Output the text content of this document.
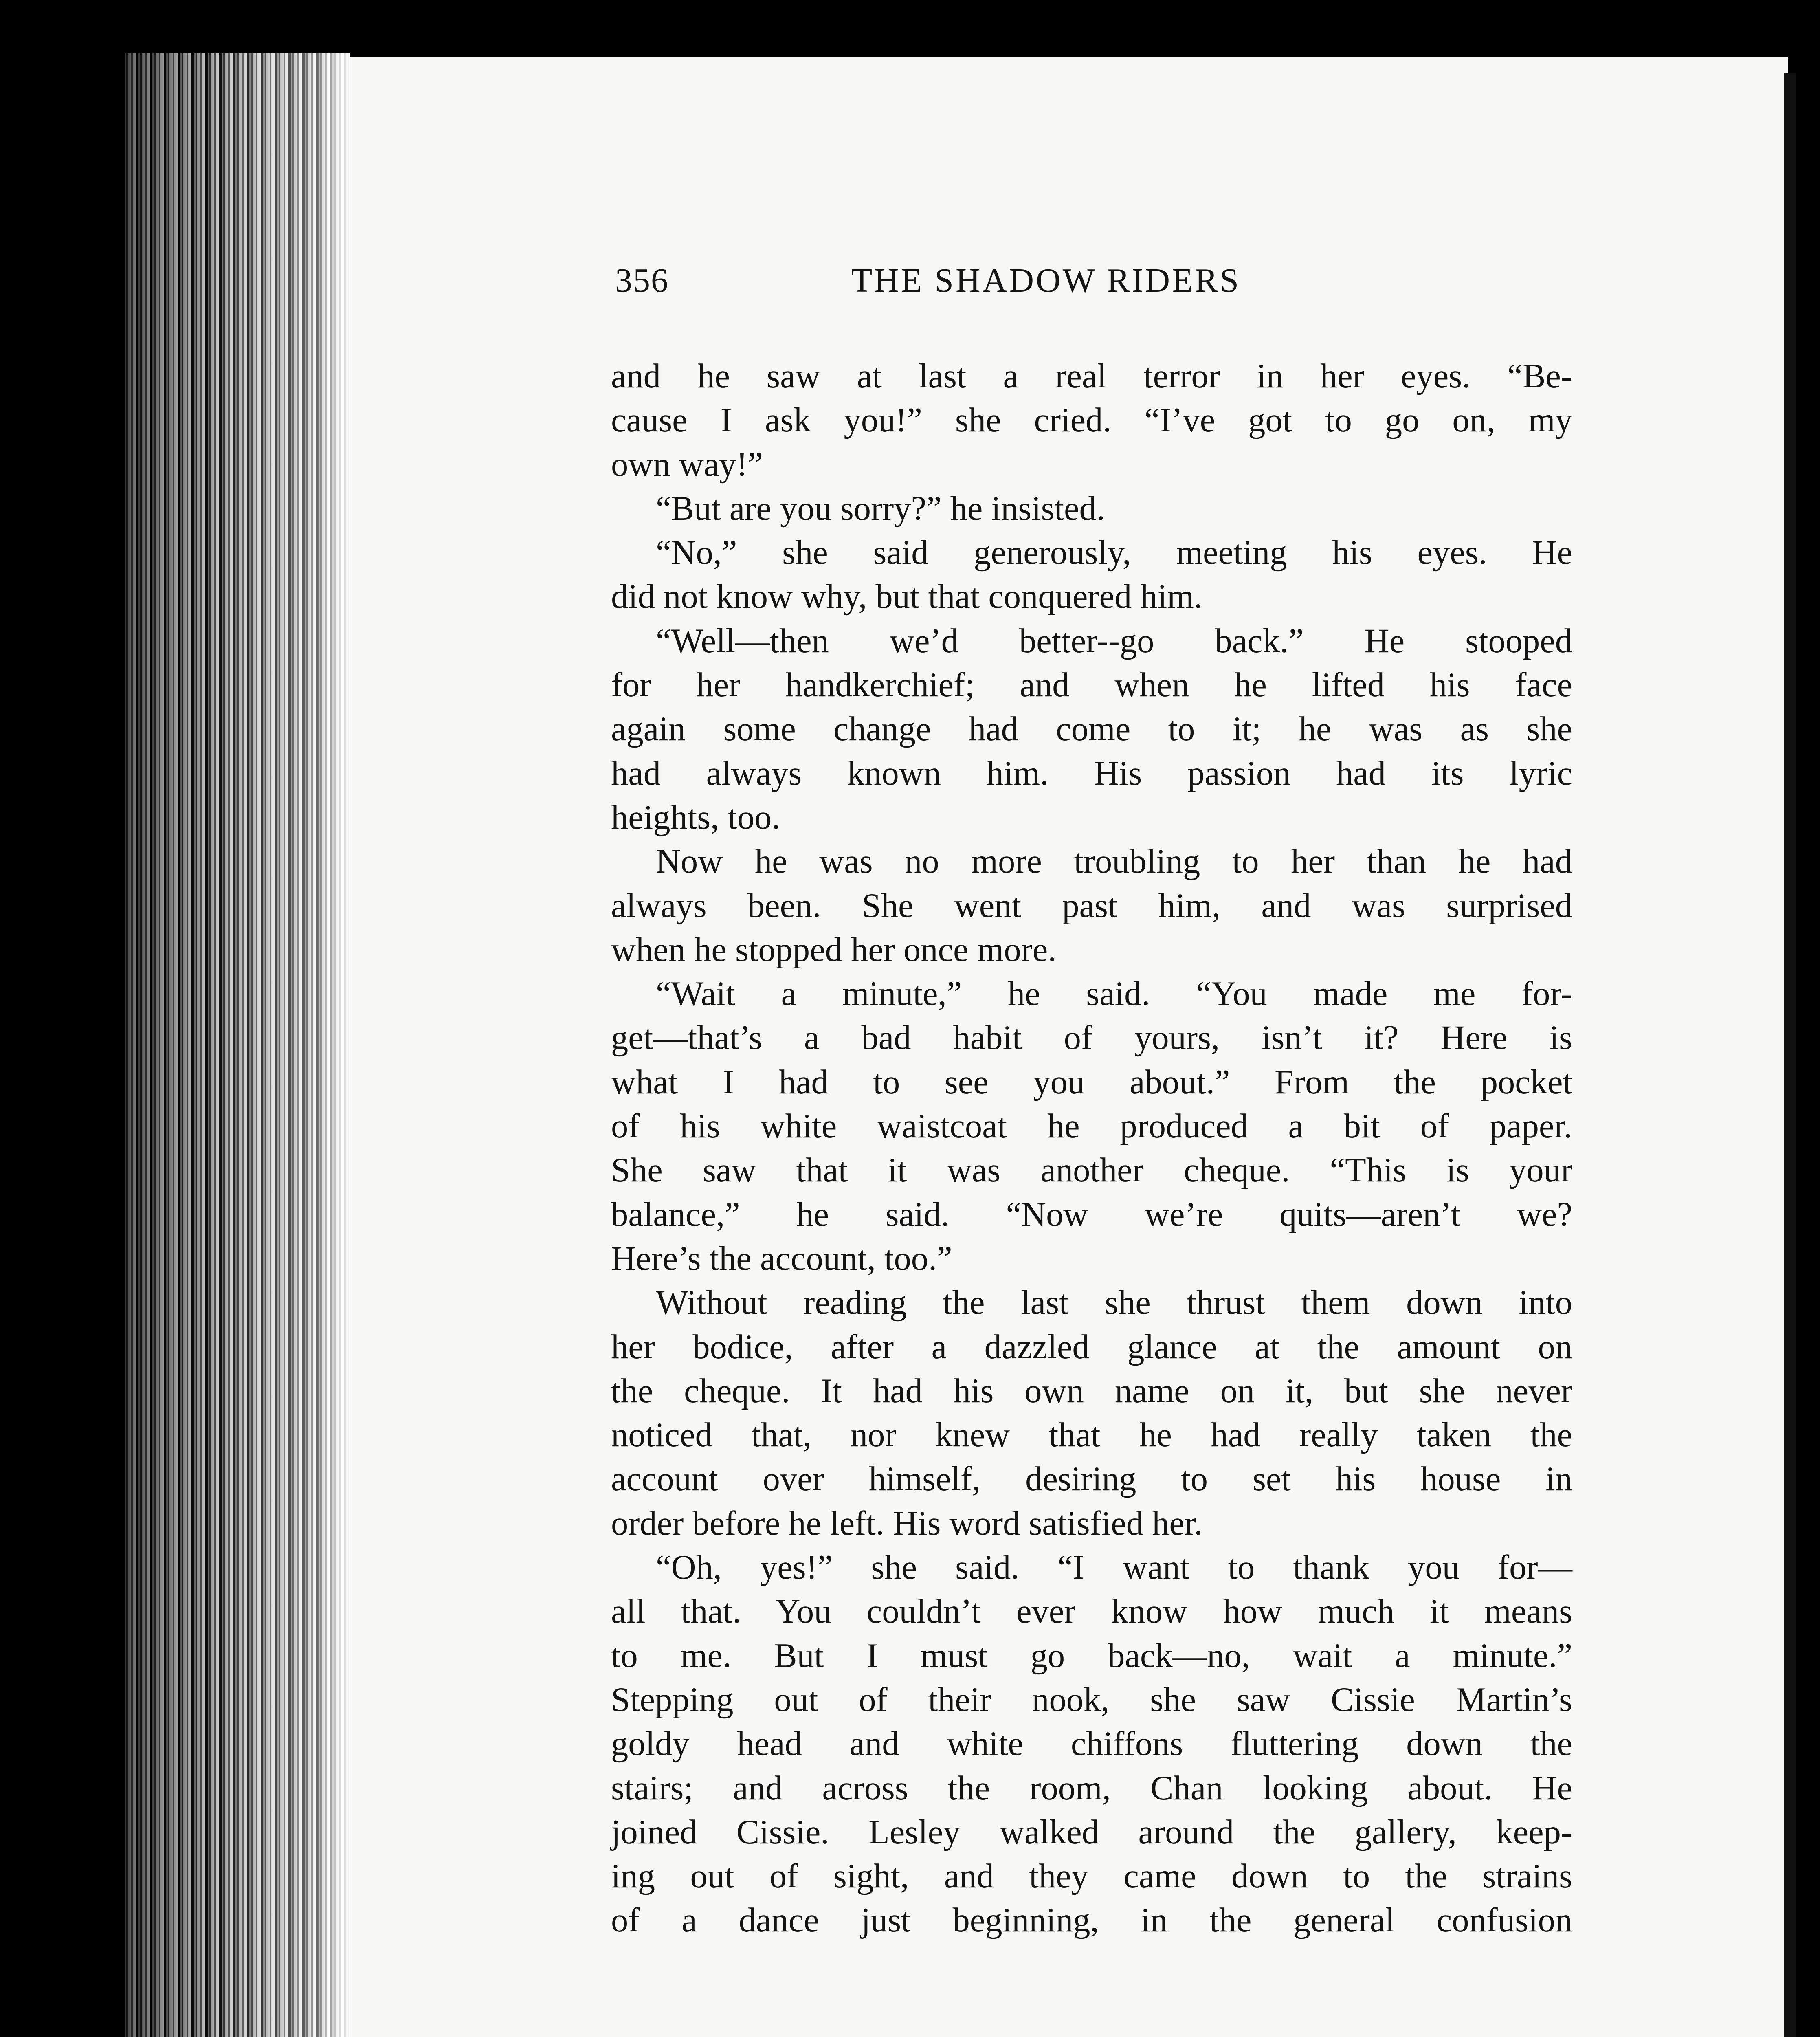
356	THE SHADOW RIDERS
and he saw at last a real terror in her eyes. “Be-
cause I ask you!” she cried. “I’ve got to go on, my
own way!”
“But are you sorry?” he insisted.
“No,” she said generously, meeting his eyes. He
did not know why, but that conquered him.
“Well—then we’d better--go back.” He stooped
for her handkerchief; and when he lifted his face
again some change had come to it; he was as she
had always known him. His passion had its lyric
heights, too.
Now he was no more troubling to her than he had
always been. She went past him, and was surprised
when he stopped her once more.
“Wait a minute,” he said. “You made me for-
get—that’s a bad habit of yours, isn’t it? Here is
what I had to see you about.” From the pocket
of his white waistcoat he produced a bit of paper.
She saw that it was another cheque. “This is your
balance,” he said. “Now we’re quits—aren’t we?
Here’s the account, too.”
Without reading the last she thrust them down into
her bodice, after a dazzled glance at the amount on
the cheque. It had his own name on it, but she never
noticed that, nor knew that he had really taken the
account over himself, desiring to set his house in
order before he left. His word satisfied her.
“Oh, yes!” she said. “I want to thank you for—
all that. You couldn’t ever know how much it means
to me. But I must go back—no, wait a minute.”
Stepping out of their nook, she saw Cissie Martin’s
goldy head and white chiffons fluttering down the
stairs; and across the room, Chan looking about. He
joined Cissie. Lesley walked around the gallery, keep-
ing out of sight, and they came down to the strains
of a dance just beginning, in the general confusion
